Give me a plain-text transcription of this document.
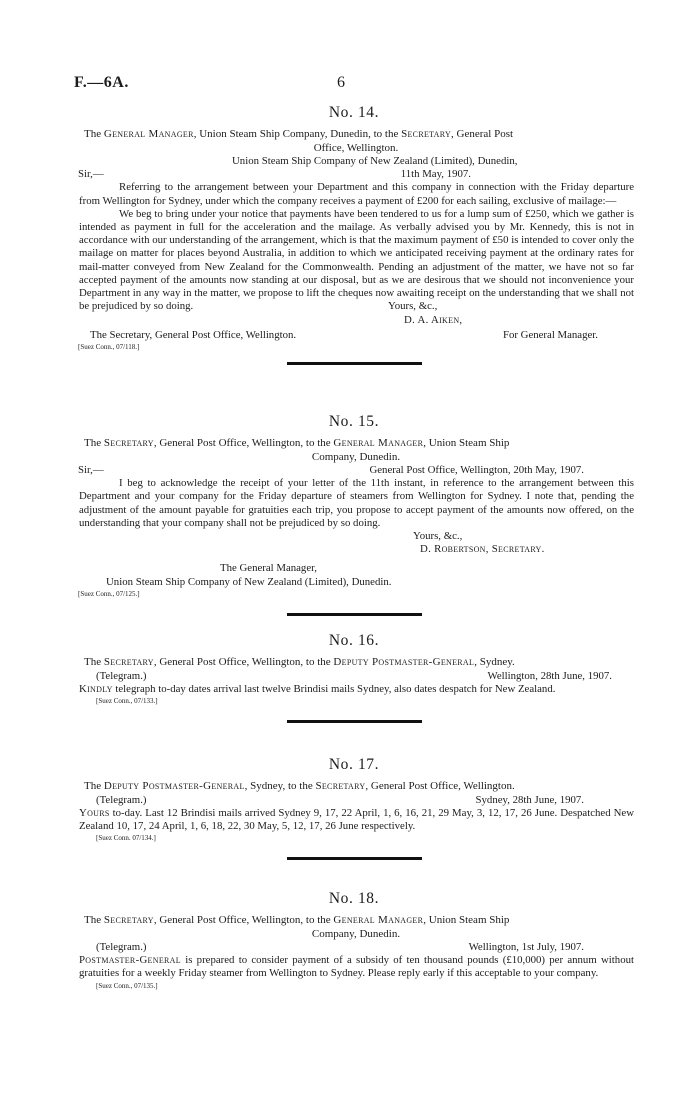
F.—6A.	6
No. 14.
The General Manager, Union Steam Ship Company, Dunedin, to the Secretary, General Post
Office, Wellington.
Union Steam Ship Company of New Zealand (Limited), Dunedin,
Sir,—	11th May, 1907.
Referring to the arrangement between your Department and this company in connection with the Friday departure from Wellington for Sydney, under which the company receives a payment of £200 for each sailing, exclusive of mailage:—
We beg to bring under your notice that payments have been tendered to us for a lump sum of £250, which we gather is intended as payment in full for the acceleration and the mailage. As verbally advised you by Mr. Kennedy, this is not in accordance with our understanding of the arrangement, which is that the maximum payment of £50 is intended to cover only the mailage on matter for places beyond Australia, in addition to which we anticipated receiving payment at the ordinary rates for mail-matter conveyed from New Zealand for the Commonwealth. Pending an adjustment of the matter, we have not so far accepted payment of the amounts now standing at our disposal, but as we are desirous that we should not inconvenience your Department in any way in the matter, we propose to lift the cheques now awaiting receipt on the understanding that we shall not be prejudiced by so doing.	Yours, &c.,
D. A. Aiken,
The Secretary, General Post Office, Wellington.	For General Manager.
[Suez Conn., 07/118.]
No. 15.
The Secretary, General Post Office, Wellington, to the General Manager, Union Steam Ship
Company, Dunedin.
Sir,—	General Post Office, Wellington, 20th May, 1907.
I beg to acknowledge the receipt of your letter of the 11th instant, in reference to the arrangement between this Department and your company for the Friday departure of steamers from Wellington for Sydney. I note that, pending the adjustment of the amount payable for gratuities each trip, you propose to accept payment of the amounts now offered, on the understanding that your company shall not be prejudiced by so doing.
Yours, &c.,
D. Robertson, Secretary.
The General Manager,
Union Steam Ship Company of New Zealand (Limited), Dunedin.
[Suez Conn., 07/125.]
No. 16.
The Secretary, General Post Office, Wellington, to the Deputy Postmaster-General, Sydney.
(Telegram.)	Wellington, 28th June, 1907.
Kindly telegraph to-day dates arrival last twelve Brindisi mails Sydney, also dates despatch for New Zealand.
[Suez Conn., 07/133.]
No. 17.
The Deputy Postmaster-General, Sydney, to the Secretary, General Post Office, Wellington.
(Telegram.)	Sydney, 28th June, 1907.
Yours to-day. Last 12 Brindisi mails arrived Sydney 9, 17, 22 April, 1, 6, 16, 21, 29 May, 3, 12, 17, 26 June. Despatched New Zealand 10, 17, 24 April, 1, 6, 18, 22, 30 May, 5, 12, 17, 26 June respectively.
[Suez Conn. 07/134.]
No. 18.
The Secretary, General Post Office, Wellington, to the General Manager, Union Steam Ship
Company, Dunedin.
(Telegram.)	Wellington, 1st July, 1907.
Postmaster-General is prepared to consider payment of a subsidy of ten thousand pounds (£10,000) per annum without gratuities for a weekly Friday steamer from Wellington to Sydney. Please reply early if this acceptable to your company.
[Suez Conn., 07/135.]
